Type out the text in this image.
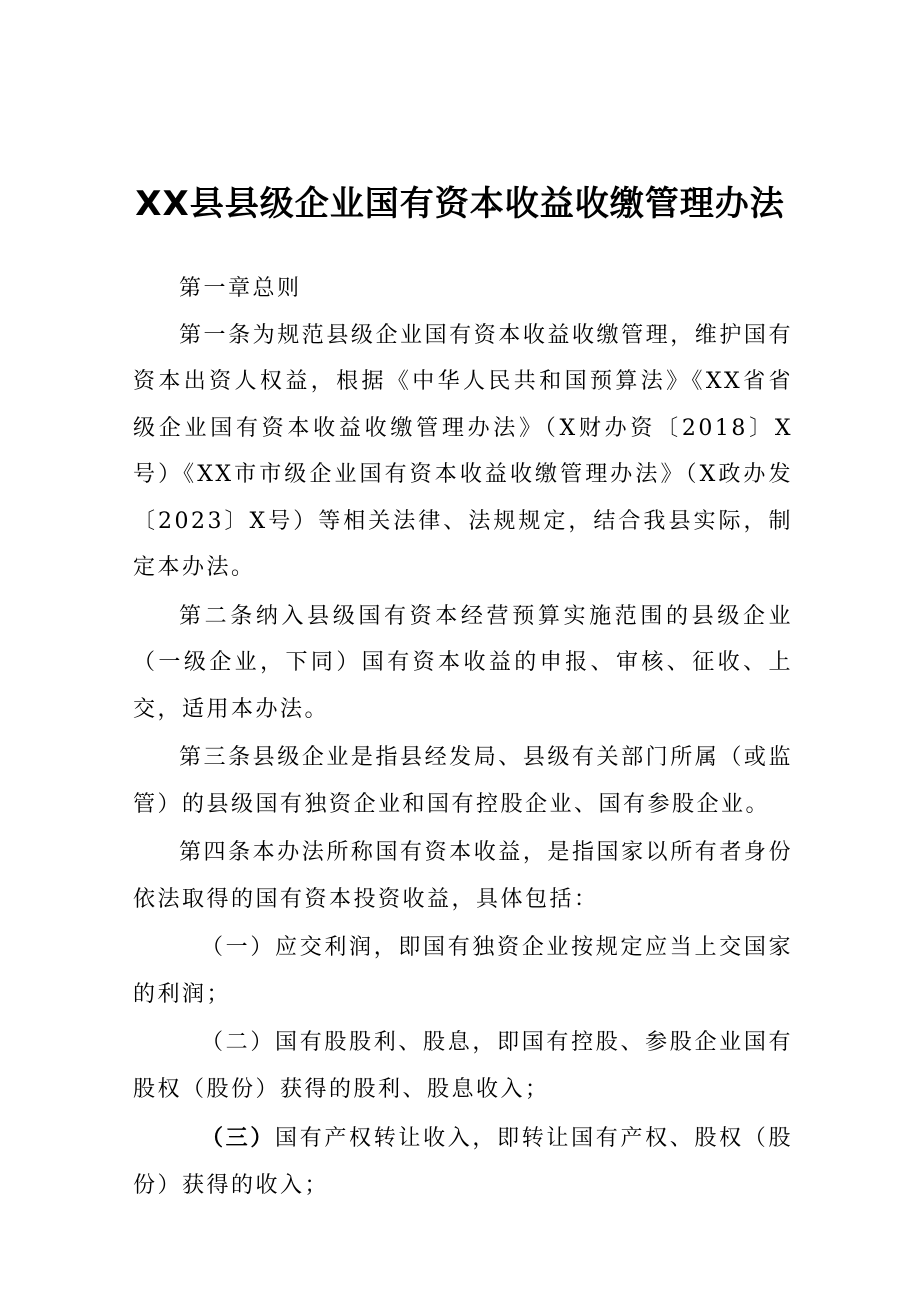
XX县县级企业国有资本收益收缴管理办法

第一章总则

第一条为规范县级企业国有资本收益收缴管理，维护国有资本出资人权益，根据《中华人民共和国预算法》《XX省省级企业国有资本收益收缴管理办法》（X财办资〔2018〕X号）《XX市市级企业国有资本收益收缴管理办法》（X政办发〔2023〕X号）等相关法律、法规规定，结合我县实际，制定本办法。

第二条纳入县级国有资本经营预算实施范围的县级企业（一级企业，下同）国有资本收益的申报、审核、征收、上交，适用本办法。

第三条县级企业是指县经发局、县级有关部门所属（或监管）的县级国有独资企业和国有控股企业、国有参股企业。

第四条本办法所称国有资本收益，是指国家以所有者身份依法取得的国有资本投资收益，具体包括：

（一）应交利润，即国有独资企业按规定应当上交国家的利润；

（二）国有股股利、股息，即国有控股、参股企业国有股权（股份）获得的股利、股息收入；

（三）国有产权转让收入，即转让国有产权、股权（股份）获得的收入；
